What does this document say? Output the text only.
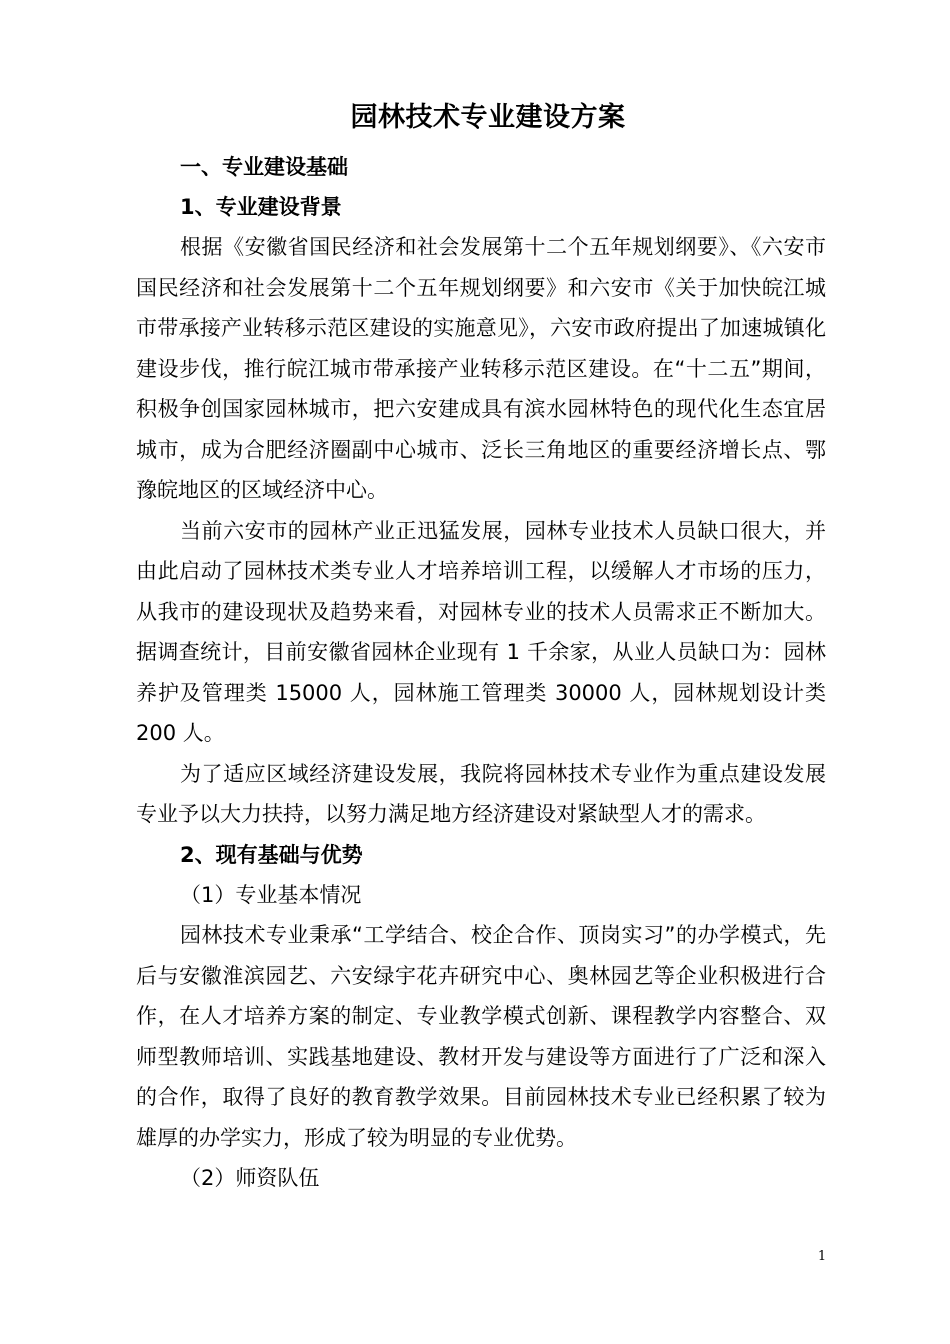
园林技术专业建设方案

一、专业建设基础

1、专业建设背景

根据《安徽省国民经济和社会发展第十二个五年规划纲要》、《六安市国民经济和社会发展第十二个五年规划纲要》和六安市《关于加快皖江城市带承接产业转移示范区建设的实施意见》，六安市政府提出了加速城镇化建设步伐，推行皖江城市带承接产业转移示范区建设。在“十二五”期间，积极争创国家园林城市，把六安建成具有滨水园林特色的现代化生态宜居城市，成为合肥经济圈副中心城市、泛长三角地区的重要经济增长点、鄂豫皖地区的区域经济中心。

当前六安市的园林产业正迅猛发展，园林专业技术人员缺口很大，并由此启动了园林技术类专业人才培养培训工程，以缓解人才市场的压力，从我市的建设现状及趋势来看，对园林专业的技术人员需求正不断加大。据调查统计，目前安徽省园林企业现有 1 千余家，从业人员缺口为：园林养护及管理类 15000 人，园林施工管理类 30000 人，园林规划设计类 200 人。

为了适应区域经济建设发展，我院将园林技术专业作为重点建设发展专业予以大力扶持，以努力满足地方经济建设对紧缺型人才的需求。

2、现有基础与优势

（1）专业基本情况

园林技术专业秉承“工学结合、校企合作、顶岗实习”的办学模式，先后与安徽淮滨园艺、六安绿宇花卉研究中心、奥林园艺等企业积极进行合作，在人才培养方案的制定、专业教学模式创新、课程教学内容整合、双师型教师培训、实践基地建设、教材开发与建设等方面进行了广泛和深入的合作，取得了良好的教育教学效果。目前园林技术专业已经积累了较为雄厚的办学实力，形成了较为明显的专业优势。

（2）师资队伍

1
